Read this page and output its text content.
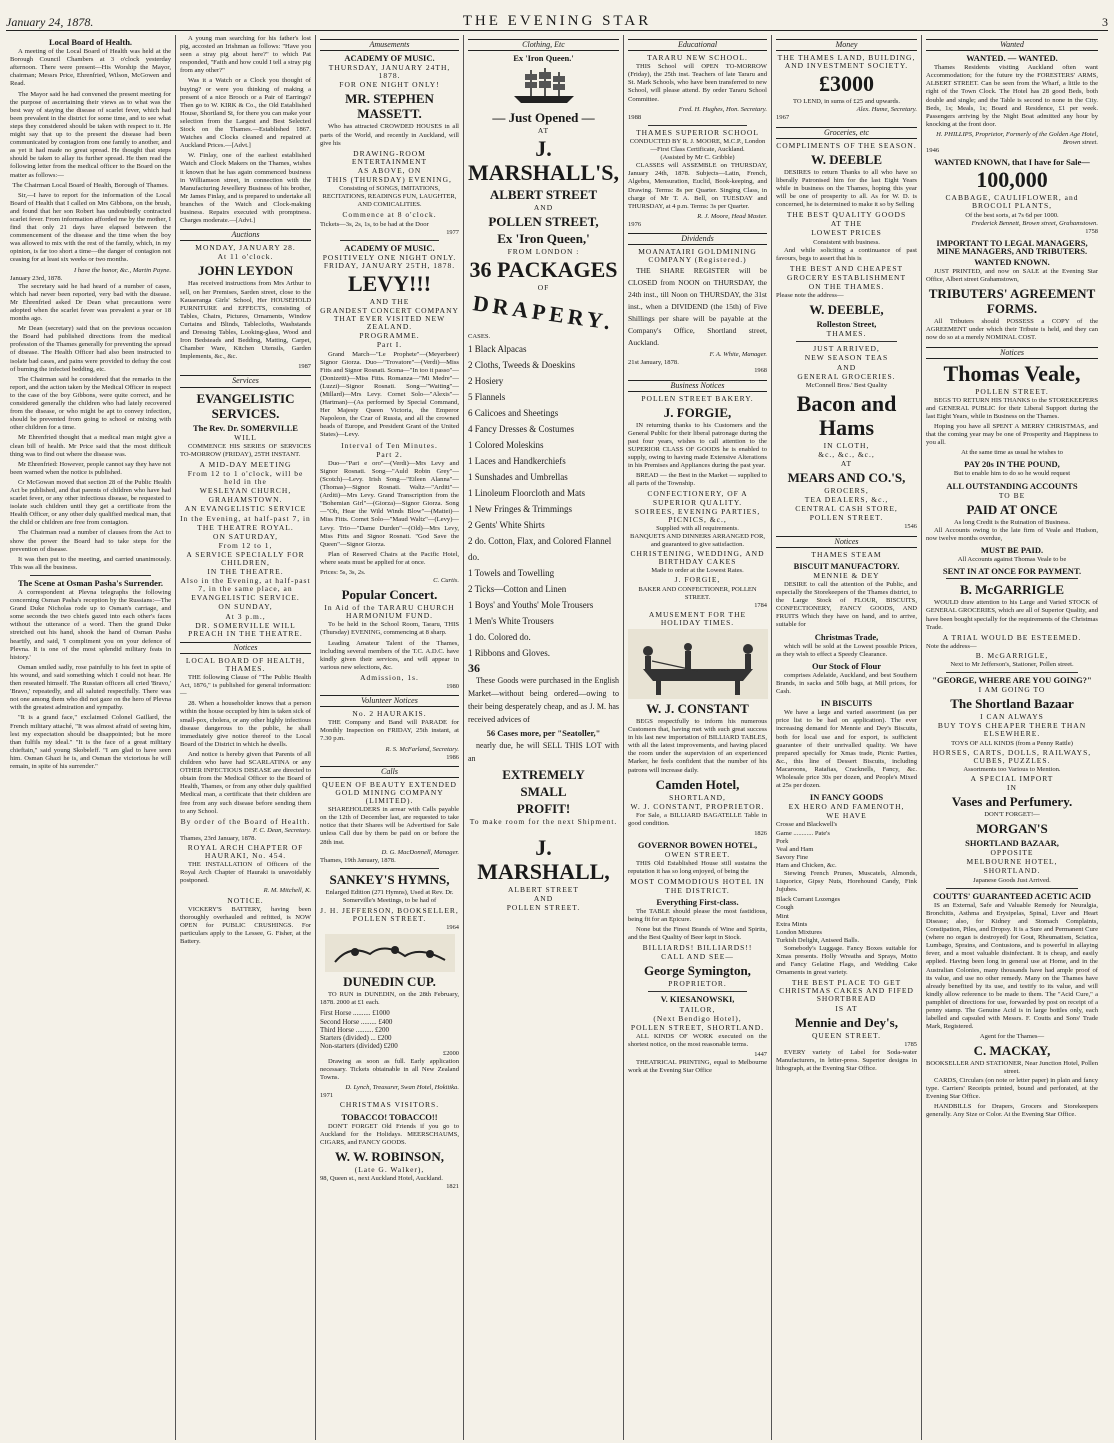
January 24, 1878.	THE EVENING STAR	3
Local Board of Health.

A meeting of the Local Board of Health was held at the Borough Council Chambers at 3 o'clock yesterday afternoon. There were present—His Worship the Mayor, chairman; Messrs Price, Ehrenfried, Wilson, McGowen and Read.

The Mayor said he had convened the present meeting for the purpose of ascertaining their views as to what was the best way of staying the disease of scarlet fever, which had been prevalent in the district for some time, and to see what steps they considered should be taken with respect to it. He might say that up to the present the disease had been communicated by contagion from one family to another, and as yet it had made no great spread. He thought that steps should be taken to allay its further spread. He then read the following letter from the medical officer to the Board on the matter as follows:—

The Chairman Local Board of Health, Borough of Thames.

Sir,—I have to report for the information of the Local Board of Health that I called on Mrs Gibbons, on the brush, and found that her son Robert has undoubtedly contracted scarlet fever. From information afforded me by the mother, I find that only 21 days have elapsed between the commencement of the disease and the time when the boy was allowed to mix with the rest of the family, which, in my opinion, is far too short a time—the danger of contagion not ceasing for at least six weeks or two months.

I have the honor, &c., Martin Payne.
January 23rd, 1878.

The secretary said he had heard of a number of cases, which had never been reported, very bad with the disease. Mr Ehrenfried asked Dr Dean what precautions were adopted when the scarlet fever was prevalent a year or 18 months ago.

Mr Dean (secretary) said that on the previous occasion the Board had published directions from the medical profession of the Thames generally for preventing the spread of disease. The Health Officer had also been instructed to isolate bad cases, and pains were provided to defray the cost of burning the infected bedding, etc.

The Chairman said he considered that the remarks in the report, and the action taken by the Medical Officer in respect to the case of the boy Gibbons, were quite correct, and he considered generally the children who had lately recovered from the disease, or who might be apt to convey infection, should be prevented from going to school or mixing with other children for a time.

Mr Ehrenfried thought that a medical man might give a clean bill of health. Mr Price said that the most difficult thing was to find out where the disease was.

Mr Ehrenfried: However, people cannot say they have not been warned when the notice is published.

Cr McGowan moved that section 28 of the Public Health Act be published, and that parents of children who have had scarlet fever, or any other infectious disease, be requested to isolate such children until they get a certificate from the Health Officer, or any other duly qualified medical man, that the child or children are free from contagion.

The Chairman read a number of clauses from the Act to show the power the Board had to take steps for the prevention of disease.

It was then put to the meeting, and carried unanimously. This was all the business.

The Scene at Osman Pasha's Surrender.

A correspondent at Plevna telegraphs the following concerning Osman Pasha's reception by the Russians:—The Grand Duke Nicholas rode up to Osman's carriage, and some seconds the two chiefs gazed into each other's faces without the utterance of a word. Then the grand Duke stretched out his hand, shook the hand of Osman Pasha heartily, and said, 'I compliment you on your defence of Plevna. It is one of the most splendid military feats in history.'

Osman smiled sadly, rose painfully to his feet in spite of his wound, and said something which I could not hear. He then reseated himself. The Russian officers all cried 'Bravo,' 'Bravo,' repeatedly, and all saluted respectfully. There was not one among them who did not gaze on the hero of Plevna with the greatest admiration and sympathy.

"It is a grand face," exclaimed Colonel Gaillard, the French military attaché, "It was almost afraid of seeing him, lest my expectation should be disappointed; but he more than fulfils my ideal." "It is the face of a great military chieftain," said young Skobeleff. "I am glad to have seen him. Osman Ghazi he is, and Osman the victorious he will remain, in spite of his surrender."

A young man searching for his father's lost pig, accosted an Irishman as follows: "Have you seen a stray pig about here?" to which Pat responded, "Faith and how could I tell a stray pig from any other?"

Was it a Watch or a Clock you thought of buying? or were you thinking of making a present of a nice Brooch or a Pair of Earrings? Then go to W. KIRK & Co., the Old Established House, Shortland St, for there you can make your selection from the Largest and Best Selected Stock on the Thames.—Established 1867. Watches and Clocks cleaned and repaired at Auckland Prices.—[Advt.]

W. Finlay, one of the earliest established Watch and Clock Makers on the Thames, wishes it known that he has again commenced business in Williamson street, in connection with the Manufacturing Jewellery Business of his brother, Mr James Finlay, and is prepared to undertake all branches of the Watch and Clock-making business. Repairs executed with promptness. Charges moderate.—[Advt.]

Auctions
MONDAY, JANUARY 28.
At 11 o'clock.
JOHN LEYDON

Has received instructions from Mrs Arthur to sell, on her Premises, Sarden street, close to the Kauaeranga Girls' School, Her HOUSEHOLD FURNITURE and EFFECTS, consisting of Tables, Chairs, Pictures, Ornaments, Window Curtains and Blinds, Tablecloths, Washstands and Dressing Tables, Looking-glass, Wood and Iron Bedsteads and Bedding, Matting, Carpet, Chamber Ware, Kitchen Utensils, Garden Implements, &c., &c.

1987
Services
EVANGELISTIC SERVICES.
The Rev. Dr. SOMERVILLE
WILL

COMMENCE HIS SERIES OF SERVICES TO-MORROW (FRIDAY), 25TH INSTANT.

A MID-DAY MEETING
From 12 to 1 o'clock, will be held in the
WESLEYAN CHURCH,
GRAHAMSTOWN.
AN EVANGELISTIC SERVICE
In the Evening, at half-past 7, in
THE THEATRE ROYAL.
ON SATURDAY,
From 12 to 1,
A SERVICE SPECIALLY FOR CHILDREN,
IN THE THEATRE.
Also in the Evening, at half-past 7, in the same place, an
EVANGELISTIC SERVICE.
ON SUNDAY,
At 3 p.m.,
DR. SOMERVILLE WILL PREACH IN THE THEATRE.
Notices
LOCAL BOARD OF HEALTH, THAMES.

THE following Clause of "The Public Health Act, 1876," is published for general information:—

28. When a householder knows that a person within the house occupied by him is taken sick of small-pox, cholera, or any other highly infectious disease dangerous to the public, he shall immediately give notice thereof to the Local Board of the District in which he dwells.

And notice is hereby given that Parents of all children who have had SCARLATINA or any OTHER INFECTIOUS DISEASE are directed to obtain from the Medical Officer to the Board of Health, Thames, or from any other duly qualified Medical man, a certificate that their children are free from any such disease before sending them to any School.

By order of the Board of Health.
F. C. Dean, Secretary.
Thames, 23rd January, 1878.
ROYAL ARCH CHAPTER OF HAURAKI, No. 454.

THE INSTALLATION of Officers of the Royal Arch Chapter of Hauraki is unavoidably postponed.

R. M. Mitchell, K.
NOTICE.

VICKERY'S BATTERY, having been thoroughly overhauled and refitted, is NOW OPEN for PUBLIC CRUSHINGS. For particulars apply to the Lessee, G. Fisher, at the Battery.

Amusements
ACADEMY OF MUSIC.
THURSDAY, JANUARY 24TH, 1878.
FOR ONE NIGHT ONLY!
MR. STEPHEN MASSETT.

Who has attracted CROWDED HOUSES in all parts of the World, and recently in Auckland, will give his

DRAWING-ROOM ENTERTAINMENT
AS ABOVE, ON
THIS (THURSDAY) EVENING,

Consisting of SONGS, IMITATIONS, RECITATIONS, READINGS FUN, LAUGHTER, AND COMICALITIES.

Commence at 8 o'clock.
Tickets—3s, 2s, 1s, to be had at the Door
1977
ACADEMY OF MUSIC.
POSITIVELY ONE NIGHT ONLY. FRIDAY, JANUARY 25TH, 1878.
LEVY!!!
AND THE
GRANDEST CONCERT COMPANY THAT EVER VISITED NEW ZEALAND.
PROGRAMME.
Part I.

Grand March—"Le Prophete"—(Meyerbeer) Signor Giorza. Duo—"Trovatore"—(Verdi)—Miss Fitts and Signor Rosnati. Scena—"In too it passo"—(Donizetti)—Miss Fitts. Romanza—"Mi Medre"—(Luzzi)—Signor Rosnati. Song—"Waiting"—(Millard)—Mrs Levy. Cornet Solo—"Alexis"—(Hartman)—(As performed by Special Command, Her Majesty Queen Victoria, the Emperor Napoleon, the Czar of Russia, and all the crowned heads of Europe, and President Grant of the United States)—Levy.

Interval of Ten Minutes.
Part 2.

Duo—"Pari e oro"—(Verdi)—Mrs Levy and Signor Rosnati. Song—"Auld Robin Grey"—(Scotch)—Levy. Irish Song—"Eileen Alanna"—(Thomas)—Signor Rosnati. Waltz—"Arditi"—(Arditi)—Mrs Levy. Grand Transcription from the "Bohemian Girl"—(Giorza)—Signor Giorza. Song—"Oh, Hear the Wild Winds Blow"—(Mattei)—Miss Fitts. Cornet Solo—"Maud Waltz"—(Levy)—Levy. Trio—"Dame Durden"—(Old)—Mrs Levy, Miss Fitts and Signor Rosnati. "God Save the Queen"—Signor Giorza.

Plan of Reserved Chairs at the Pacific Hotel, where seats must be applied for at once.

Prices: 5s, 3s, 2s.
C. Curtis.
Popular Concert.
In Aid of the TARARU CHURCH HARMONIUM FUND.

To be held in the School Room, Tararu, THIS (Thursday) EVENING, commencing at 8 sharp.

Leading Amateur Talent of the Thames, including several members of the T.C. A.D.C. have kindly given their services, and will appear in various new selections, &c.

Admission, 1s.
1980
Volunteer Notices
No. 2 HAURAKIS.

THE Company and Band will PARADE for Monthly Inspection on FRIDAY, 25th instant, at 7.30 p.m.

R. S. McFarland, Secretary.
1986
Calls
QUEEN OF BEAUTY EXTENDED GOLD MINING COMPANY (LIMITED).

SHAREHOLDERS in arrear with Calls payable on the 12th of December last, are requested to take notice that their Shares will be Advertised for Sale unless Call due by them be paid on or before the 28th inst.

D. G. MacDonnell, Manager.
Thames, 19th January, 1878.
SANKEY'S HYMNS,

Enlarged Edition (271 Hymns), Used at Rev. Dr. Somerville's Meetings, to be had of

J. H. JEFFERSON, BOOKSELLER, POLLEN STREET.
1964
DUNEDIN CUP.

TO RUN in DUNEDIN, on the 28th February, 1878. 2000 at £1 each.

First Horse .......... £1000
Second Horse ......... £400
Third Horse .......... £200
Starters (divided) ... £200
Non-starters (divided) £200
£2000

Drawing as soon as full. Early application necessary. Tickets obtainable in all New Zealand Towns.

D. Lynch, Treasurer, Swan Hotel, Hokitika.
1971
CHRISTMAS VISITORS.
TOBACCO! TOBACCO!!

DON'T FORGET Old Friends if you go to Auckland for the Holidays. MEERSCHAUMS, CIGARS, and FANCY GOODS.

W. W. ROBINSON,
(Late G. Walker),
98, Queen st., next Auckland Hotel, Auckland.
1821
Clothing, Etc
Ex 'Iron Queen.'
— Just Opened —
AT
J. MARSHALL'S,
ALBERT STREET
AND
POLLEN STREET,
Ex 'Iron Queen,'
FROM LONDON :
36 PACKAGES
OF
DRAPERY.
CASES.
1 Black Alpacas
2 Cloths, Tweeds & Doeskins
2 Hosiery
5 Flannels
6 Calicoes and Sheetings
4 Fancy Dresses & Costumes
1 Colored Moleskins
1 Laces and Handkerchiefs
1 Sunshades and Umbrellas
1 Linoleum Floorcloth and Mats
1 New Fringes & Trimmings
2 Gents' White Shirts
2 do. Cotton, Flax, and Colored Flannel do.
1 Towels and Towelling
2 Ticks—Cotton and Linen
1 Boys' and Youths' Mole Trousers
1 Men's White Trousers
1 do. Colored do.
1 Ribbons and Gloves.
36

These Goods were purchased in the English Market—without being ordered—owing to their being desperately cheap, and as J. M. has received advices of

56 Cases more, per "Seatoller,"

nearly due, he will SELL THIS LOT with an

EXTREMELY
SMALL
PROFIT!
To make room for the next Shipment.
J. MARSHALL,
ALBERT STREET
AND
POLLEN STREET.
Educational
TARARU NEW SCHOOL.

THIS School will OPEN TO-MORROW (Friday), the 25th inst. Teachers of late Tararu and St. Mark Schools, who have been transferred to new School, will please attend. By order Tararu School Committee.

Fred. H. Hughes, Hon. Secretary.
1988
THAMES SUPERIOR SCHOOL
CONDUCTED BY R. J. MOORE, M.C.P., London—First Class Certificate, Auckland.
(Assisted by Mr C. Gribble)

CLASSES will ASSEMBLE on THURSDAY, January 24th, 1878. Subjects—Latin, French, Algebra, Mensuration, Euclid, Book-keeping, and Drawing. Terms: 8s per Quarter. Singing Class, in charge of Mr T. A. Bell, on TUESDAY and THURSDAY, at 4 p.m. Terms: 3s per Quarter.

R. J. Moore, Head Master.
1976
Dividends
MOANATAIRI GOLDMINING COMPANY (Registered.)

THE SHARE REGISTER will be CLOSED from NOON on THURSDAY, the 24th inst., till Noon on THURSDAY, the 31st inst., when a DIVIDEND (the 15th) of Five Shillings per share will be payable at the Company's Office, Shortland street, Auckland.

F. A. White, Manager.
21st January, 1878.
1968
Business Notices
POLLEN STREET BAKERY.
J. FORGIE,

IN returning thanks to his Customers and the General Public for their liberal patronage during the past four years, wishes to call attention to the SUPERIOR CLASS OF GOODS he is enabled to supply, owing to having made Extensive Alterations in his Premises and Appliances during the past year.

BREAD — the Best in the Market — supplied to all parts of the Township.

CONFECTIONERY, OF A SUPERIOR QUALITY.
SOIREES, EVENING PARTIES, PICNICS, &c.,
Supplied with all requirements.
BANQUETS AND DINNERS ARRANGED FOR, and guaranteed to give satisfaction.
CHRISTENING, WEDDING, AND BIRTHDAY CAKES
Made to order at the Lowest Rates.
J. FORGIE,
BAKER AND CONFECTIONER, POLLEN STREET.
1784
AMUSEMENT FOR THE HOLIDAY TIMES.
W. J. CONSTANT

BEGS respectfully to inform his numerous Customers that, having met with such great success in his last new importation of BILLIARD TABLES, with all the latest improvements, and having placed the room under the supervision of an experienced Marker, he feels confident that the number of his patrons will increase daily.

Camden Hotel,
SHORTLAND,
W. J. CONSTANT, PROPRIETOR.

For Sale, a BILLIARD BAGATELLE Table in good condition.

1826
GOVERNOR BOWEN HOTEL,
OWEN STREET.

THIS Old Established House still sustains the reputation it has so long enjoyed, of being the

MOST COMMODIOUS HOTEL IN THE DISTRICT.
Everything First-class.

The TABLE should please the most fastidious, being fit for an Epicure.

None but the Finest Brands of Wine and Spirits, and the Best Quality of Beer kept in Stock.

BILLIARDS! BILLIARDS!!
CALL AND SEE—
George Symington,
PROPRIETOR.
V. KIESANOWSKI,
TAILOR,
(Next Bendigo Hotel),
POLLEN STREET, SHORTLAND.

ALL KINDS OF WORK executed on the shortest notice, on the most reasonable terms.

1447

THEATRICAL PRINTING, equal to Melbourne work at the Evening Star Office

Money
THE THAMES LAND, BUILDING, AND INVESTMENT SOCIETY.
£3000
TO LEND, in sums of £25 and upwards.
Alex. Hume, Secretary.
1967
Groceries, etc
COMPLIMENTS OF THE SEASON.
W. DEEBLE

DESIRES to return Thanks to all who have so liberally Patronised him for the last Eight Years while in business on the Thames, hoping this year will be one of prosperity to all. As for W. D. is concerned, he is determined to make it so by Selling

THE BEST QUALITY GOODS
AT THE
LOWEST PRICES
Consistent with business.

And while soliciting a continuance of past favours, begs to assert that his is

THE BEST AND CHEAPEST
GROCERY ESTABLISHMENT
ON THE THAMES.
Please note the address—
W. DEEBLE,
Rolleston Street,
THAMES.
JUST ARRIVED,
NEW SEASON TEAS
AND
GENERAL GROCERIES.
McConnell Bros.' Best Quality
Bacon and Hams
IN CLOTH,
&c., &c., &c.,
AT
MEARS AND CO.'S,
GROCERS,
TEA DEALERS, &c.,
CENTRAL CASH STORE,
POLLEN STREET.
1546
Notices
THAMES STEAM
BISCUIT MANUFACTORY.
MENNIE & DEY

DESIRE to call the attention of the Public, and especially the Storekeepers of the Thames district, to the Large Stock of FLOUR, BISCUITS, CONFECTIONERY, FANCY GOODS, AND FRUITS Which they have on hand, and to arrive, suitable for

Christmas Trade,

which will be sold at the Lowest possible Prices, as they wish to effect a Speedy Clearance.

Our Stock of Flour

comprises Adelaide, Auckland, and best Southern Brands, in sacks and 50lb bags, at Mill prices, for Cash.

IN BISCUITS

We have a large and varied assortment (as per price list to be had on application). The ever increasing demand for Mennie and Dey's Biscuits, both for local use and for export, is sufficient guarantee of their unrivalled quality. We have prepared specially for Xmas trade, Picnic Parties, &c., this line of Dessert Biscuits, including Macaroons, Ratafias, Cracknells, Fancy, &c. Wholesale price 30s per dozen, and People's Mixed at 25s per dozen.

IN FANCY GOODS
EX HERO AND FAMENOTH,
WE HAVE
Crosse and Blackwell's
Game ............ Pate's
Pork
Veal and Ham
Savory Fine
Ham and Chicken, &c.

Stewing French Prunes, Muscatels, Almonds, Liquorice, Gipsy Nuts, Horehound Candy, Fink Jujubes.

Black Currant Lozenges
Cough
Mint
Extra Mints
London Mixtures
Turkish Delight, Aniseed Balls.

Somebody's Luggage. Fancy Boxes suitable for Xmas presents. Holly Wreaths and Sprays, Motto and Fancy Gelatine Flags, and Wedding Cake Ornaments in great variety.

THE BEST PLACE TO GET CHRISTMAS CAKES AND FIFED SHORTBREAD
IS AT
Mennie and Dey's,
QUEEN STREET.
1785

EVERY variety of Label for Soda-water Manufacturers, in letter-press. Superior designs in lithograph, at the Evening Star Office.

Wanted
WANTED. — WANTED.

Thames Residents visiting Auckland often want Accommodation; for the future try the FORESTERS' ARMS, ALBERT STREET. Can be seen from the Wharf, a little to the right of the Town Clock. The Hotel has 28 good Beds, both double and single; and the Table is second to none in the City. Beds, 1s; Meals, 1s; Board and Residence, £1 per week. Passengers arriving by the Night Boat admitted any hour by knocking at the front door.

H. PHILLIPS, Proprietor, Formerly of the Golden Age Hotel, Brown street.
1946
WANTED KNOWN, that I have for Sale—
100,000
CABBAGE, CAULIFLOWER, and BROCOLI PLANTS,
Of the best sorts, at 7s 6d per 1000.
Frederick Bennett, Brown street, Grahamstown.
1758
IMPORTANT TO LEGAL MANAGERS, MINE MANAGERS, AND TRIBUTERS.
WANTED KNOWN.

JUST PRINTED, and now on SALE at the Evening Star Office, Albert street Grahamstown,

TRIBUTERS' AGREEMENT FORMS.

All Tributers should POSSESS a COPY of the AGREEMENT under which their Tribute is held, and they can now do so at a merely NOMINAL COST.

Notices
Thomas Veale,
POLLEN STREET.

BEGS TO RETURN HIS THANKS to the STOREKEEPERS and GENERAL PUBLIC for their Liberal Support during the last Eight Years, while in Business on the Thames.

Hoping you have all SPENT A MERRY CHRISTMAS, and that the coming year may be one of Prosperity and Happiness to you all.

At the same time as usual he wishes to
PAY 20s IN THE POUND,
But to enable him to do so he would request
ALL OUTSTANDING ACCOUNTS
TO BE
PAID AT ONCE
As long Credit is the Ruination of Business.

All Accounts owing to the late firm of Veale and Hudson, now twelve months overdue,

MUST BE PAID.
All Accounts against Thomas Veale to be
SENT IN AT ONCE FOR PAYMENT.
B. McGARRIGLE

WOULD draw attention to his Large and Varied STOCK of GENERAL GROCERIES, which are all of Superior Quality, and have been bought specially for the requirements of the Christmas Trade.

A TRIAL WOULD BE ESTEEMED.
Note the address—
B. McGARRIGLE,
Next to Mr Jefferson's, Stationer, Pollen street.
"GEORGE, WHERE ARE YOU GOING?"
I AM GOING TO
The Shortland Bazaar
I CAN ALWAYS
BUY TOYS CHEAPER THERE THAN ELSEWHERE.
TOYS OF ALL KINDS (from a Penny Rattle)
HORSES, CARTS, DOLLS, RAILWAYS, CUBES, PUZZLES.
Assortments too Various to Mention.
A SPECIAL IMPORT
IN
Vases and Perfumery.
DON'T FORGET!—
MORGAN'S
SHORTLAND BAZAAR,
OPPOSITE
MELBOURNE HOTEL,
SHORTLAND.
Japanese Goods Just Arrived.
COUTTS' GUARANTEED ACETIC ACID

IS an External, Safe and Valuable Remedy for Neuralgia, Bronchitis, Asthma and Erysipelas, Spinal, Liver and Heart Disease; also, for Kidney and Stomach Complaints, Constipation, Piles, and Dropsy. It is a Sure and Permanent Cure (where no organ is destroyed) for Gout, Rheumatism, Sciatica, Lumbago, Sprains, and Contusions, and is powerful in allaying fever, and a most valuable disinfectant. It is cheap, and easily applied. Having been long in general use at Home, and in the Australian Colonies, many thousands have had ample proof of its value, and use no other remedy. Many on the Thames have already benefited by its use, and testify to its value, and will kindly allow reference to be made to them. The "Acid Cure," a pamphlet of directions for use, forwarded by post on receipt of a penny stamp. The Genuine Acid is in large bottles only, each labelled and capsuled with Messrs. F. Coutts and Sons' Trade Mark, Registered.

Agent for the Thames—
C. MACKAY,
BOOKSELLER AND STATIONER, Near Junction Hotel, Pollen street.

CARDS, Circulars (on note or letter paper) in plain and fancy type. Carriers' Receipts printed, bound and perforated, at the Evening Star Office.

HANDBILLS for Drapers, Grocers and Storekeepers generally. Any Size or Color. At the Evening Star Office.
